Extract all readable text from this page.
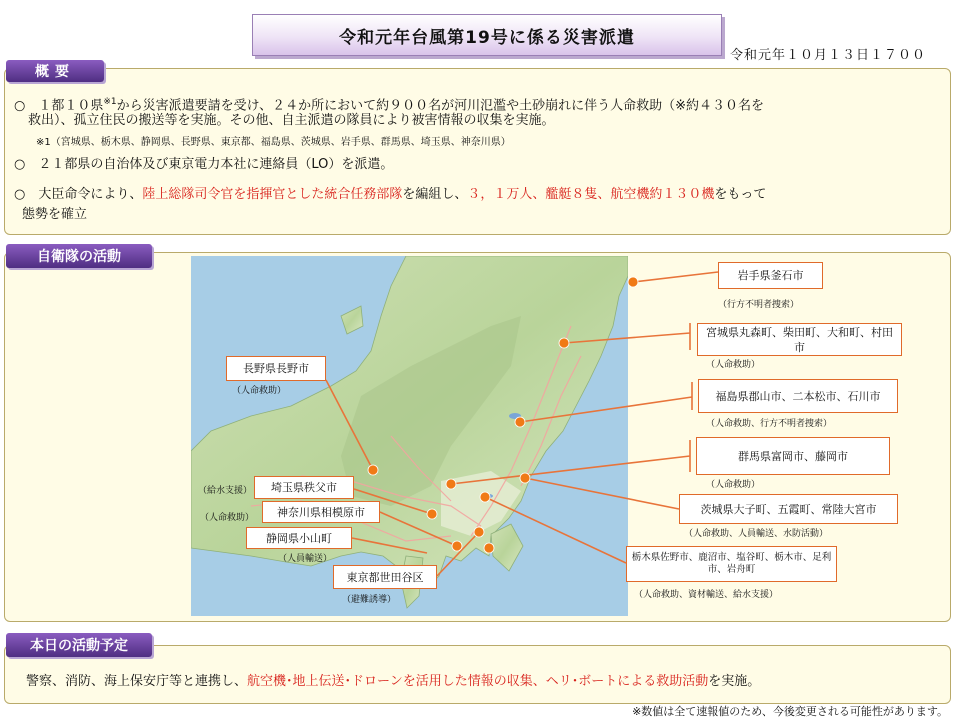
令和元年台風第19号に係る災害派遣
令和元年１０月１３日１７００
概要
○　１都１０県$^{※1}$から災害派遣要請を受け、２４か所において約９００名が河川氾濫や土砂崩れに伴う人命救助（※約４３０名を
救出）、孤立住民の搬送等を実施。その他、自主派遣の隊員により被害情報の収集を実施。
※1（宮城県、栃木県、静岡県、長野県、東京都、福島県、茨城県、岩手県、群馬県、埼玉県、神奈川県）
○　２１都県の自治体及び東京電力本社に連絡員（LO）を派遣。
○　大臣命令により、陸上総隊司令官を指揮官とした統合任務部隊を編組し、３，１万人、艦艇８隻、航空機約１３０機をもって
態勢を確立
自衛隊の活動
岩手県釜石市
（行方不明者捜索）
宮城県丸森町、柴田町、大和町、村田市
（人命救助）
長野県長野市
（人命救助）	福島県郡山市、二本松市、石川市
（人命救助、行方不明者捜索）
群馬県富岡市、藤岡市
（人命救助）
埼玉県秩父市
（給水支援）
神奈川県相模原市
（人命救助）
茨城県大子町、五霞町、常陸大宮市
（人命救助、人員輸送、水防活動）
静岡県小山町
（人員輸送）	栃木県佐野市、鹿沼市、塩谷町、栃木市、足利市、岩舟町
（人命救助、資材輸送、給水支援）
東京都世田谷区
（避難誘導）
本日の活動予定
警察、消防、海上保安庁等と連携し、航空機･地上伝送･ドローンを活用した情報の収集、ヘリ･ボートによる救助活動を実施。
※数値は全て速報値のため、今後変更される可能性があります。
